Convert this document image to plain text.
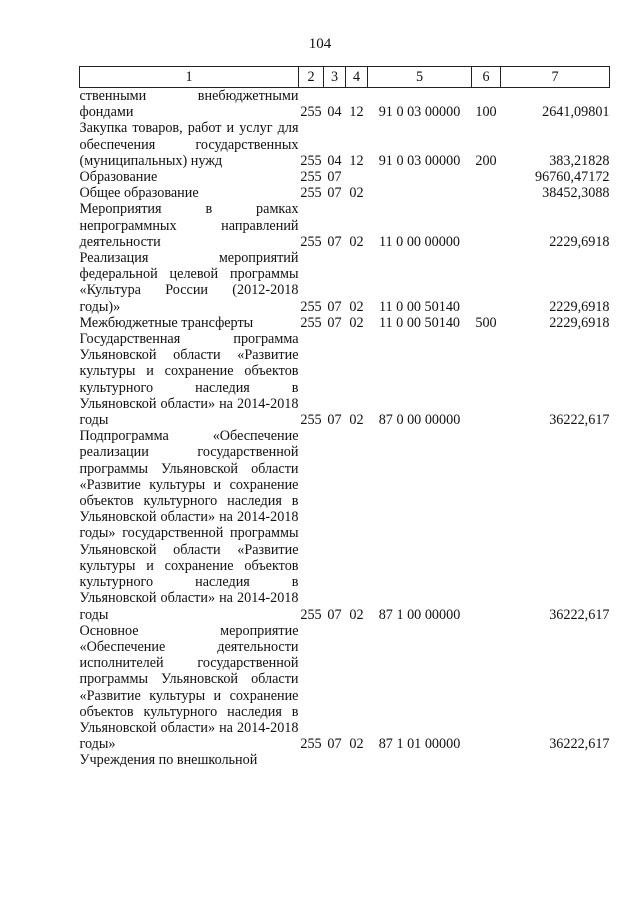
104
1	2	3	4	5	6	7
ственными внебюджетными фондами	255	04	12	91 0 03 00000	100	2641,09801
Закупка товаров, работ и услуг для обеспечения государственных (муниципальных) нужд	255	04	12	91 0 03 00000	200	383,21828
Образование	255	07				96760,47172
Общее образование	255	07	02			38452,3088
Мероприятия в рамках непрограммных направлений деятельности	255	07	02	11 0 00 00000		2229,6918
Реализация мероприятий федеральной целевой программы «Культура России (2012-2018 годы)»	255	07	02	11 0 00 50140		2229,6918
Межбюджетные трансферты	255	07	02	11 0 00 50140	500	2229,6918
Государственная программа Ульяновской области «Развитие культуры и сохранение объектов культурного наследия в Ульяновской области» на 2014-2018 годы	255	07	02	87 0 00 00000		36222,617
Подпрограмма «Обеспечение реализации государственной программы Ульяновской области «Развитие культуры и сохранение объектов культурного наследия в Ульяновской области» на 2014-2018 годы» государственной программы Ульяновской области «Развитие культуры и сохранение объектов культурного наследия в Ульяновской области» на 2014-2018 годы	255	07	02	87 1 00 00000		36222,617
Основное мероприятие «Обеспечение деятельности исполнителей государственной программы Ульяновской области «Развитие культуры и сохранение объектов культурного наследия в Ульяновской области» на 2014-2018 годы»	255	07	02	87 1 01 00000		36222,617
Учреждения по внешкольной						
